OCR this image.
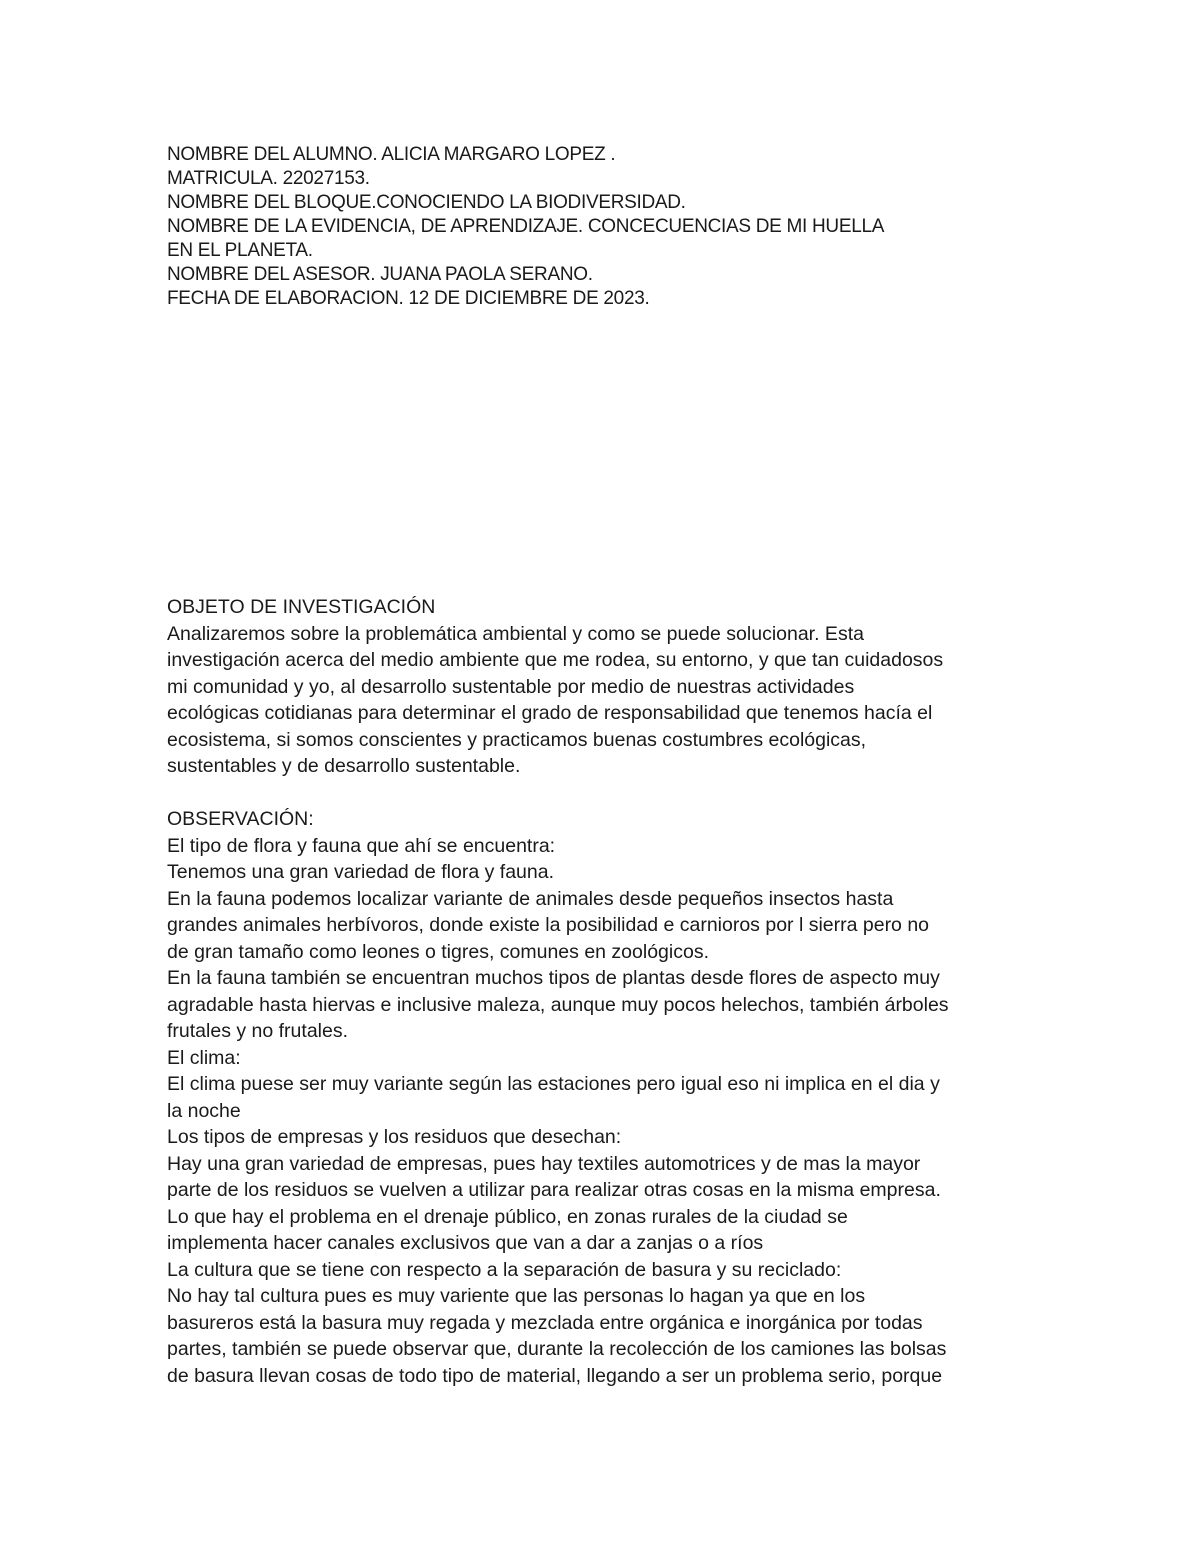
NOMBRE DEL ALUMNO. ALICIA MARGARO LOPEZ .
MATRICULA. 22027153.
NOMBRE DEL BLOQUE.CONOCIENDO LA BIODIVERSIDAD.
NOMBRE DE LA EVIDENCIA, DE APRENDIZAJE. CONCECUENCIAS DE MI HUELLA
EN EL PLANETA.
NOMBRE DEL ASESOR. JUANA PAOLA SERANO.
FECHA DE ELABORACION. 12 DE DICIEMBRE DE 2023.
OBJETO DE INVESTIGACIÓN
Analizaremos sobre la problemática ambiental y como se puede solucionar. Esta
investigación acerca del medio ambiente que me rodea, su entorno, y que tan cuidadosos
mi comunidad y yo, al desarrollo sustentable por medio de nuestras actividades
ecológicas cotidianas para determinar el grado de responsabilidad que tenemos hacía el
ecosistema, si somos conscientes y practicamos buenas costumbres ecológicas,
sustentables y de desarrollo sustentable.
OBSERVACIÓN:
El tipo de flora y fauna que ahí se encuentra:
Tenemos una gran variedad de flora y fauna.
En la fauna podemos localizar variante de animales desde pequeños insectos hasta
grandes animales herbívoros, donde existe la posibilidad e carnioros por l sierra pero no
de gran tamaño como leones o tigres, comunes en zoológicos.
En la fauna también se encuentran muchos tipos de plantas desde flores de aspecto muy
agradable hasta hiervas e inclusive maleza, aunque muy pocos helechos, también árboles
frutales y no frutales.
El clima:
El clima puese ser muy variante según las estaciones pero igual eso ni implica en el dia y
la noche
Los tipos de empresas y los residuos que desechan:
Hay una gran variedad de empresas, pues hay textiles automotrices y de mas la mayor
parte de los residuos se vuelven a utilizar para realizar otras cosas en la misma empresa.
Lo que hay el problema en el drenaje público, en zonas rurales de la ciudad se
implementa hacer canales exclusivos que van a dar a zanjas o a ríos
La cultura que se tiene con respecto a la separación de basura y su reciclado:
No hay tal cultura pues es muy variente que las personas lo hagan ya que en los
basureros está la basura muy regada y mezclada entre orgánica e inorgánica por todas
partes, también se puede observar que, durante la recolección de los camiones las bolsas
de basura llevan cosas de todo tipo de material, llegando a ser un problema serio, porque
